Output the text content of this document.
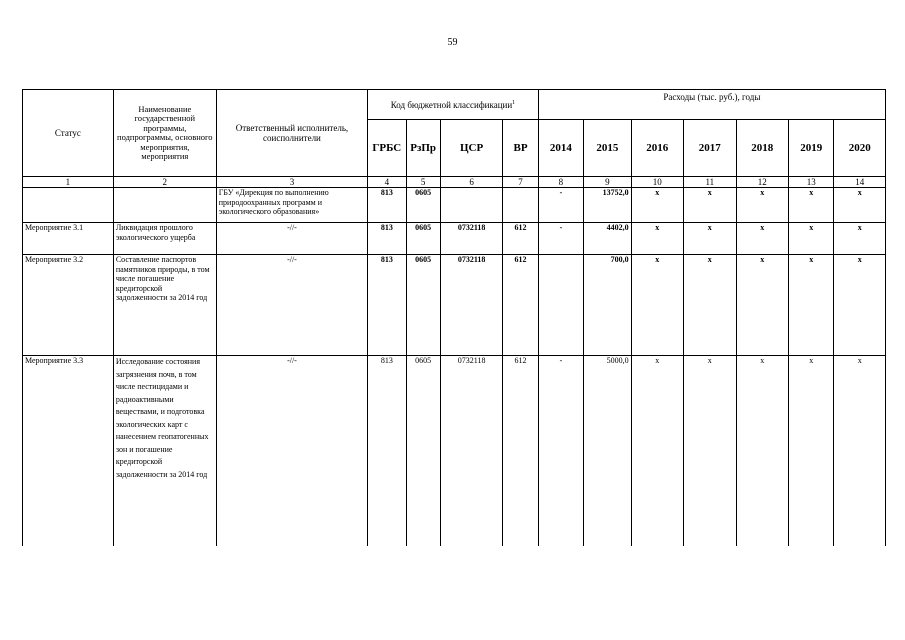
59
Статус	Наименование государственной программы, подпрограммы, основного мероприятия, мероприятия	Ответственный исполнитель, соисполнители	Код бюджетной классификации$^1$				Расходы (тыс. руб.), годы						
			ГРБС	РзПр	ЦСР	ВР	2014	2015	2016	2017	2018	2019	2020
1	2	3	4	5	6	7	8	9	10	11	12	13	14
		ГБУ «Дирекция по выполнению природоохранных программ и экологического образования»	813	0605			-	13752,0	х	х	х	х	х
Мероприятие 3.1	Ликвидация прошлого экологического ущерба	-//-	813	0605	0732118	612	-	4402,0	х	х	х	х	х
Мероприятие 3.2	Составление паспортов памятников природы, в том числе погашение кредиторской задолженности за 2014 год	-//-	813	0605	0732118	612		700,0	х	х	х	х	х
Мероприятие 3.3	Исследование состояния загрязнения почв, в том числе пестицидами и радиоактивными веществами, и подготовка экологических карт с нанесением геопатогенных зон и погашение кредиторской задолженности за 2014 год	-//-	813	0605	0732118	612	-	5000,0	х	х	х	х	х
